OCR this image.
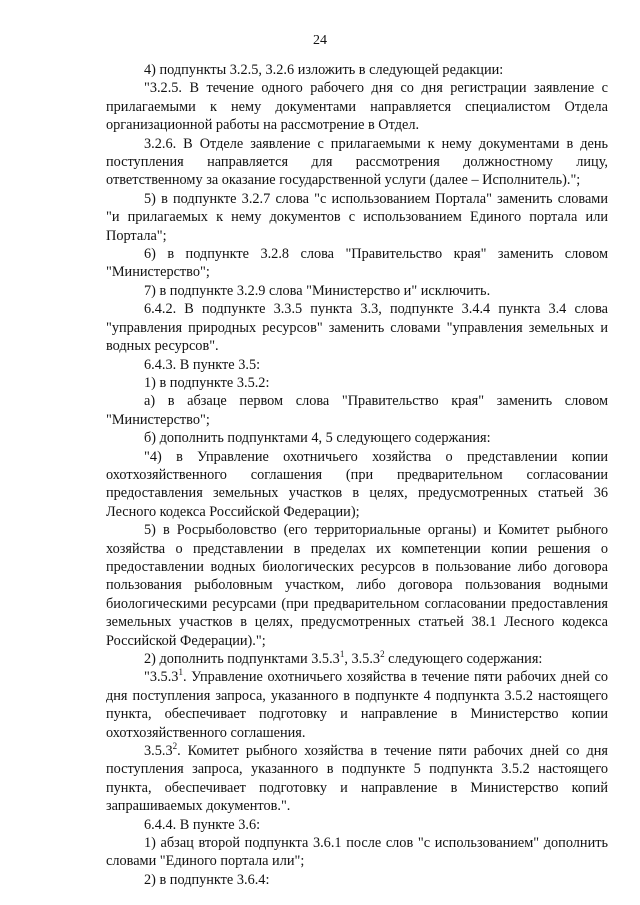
24

4) подпункты 3.2.5, 3.2.6 изложить в следующей редакции:

"3.2.5. В течение одного рабочего дня со дня регистрации заявление с прилагаемыми к нему документами направляется специалистом Отдела организационной работы на рассмотрение в Отдел.

3.2.6. В Отделе заявление с прилагаемыми к нему документами в день поступления направляется для рассмотрения должностному лицу, ответственному за оказание государственной услуги (далее – Исполнитель).";

5) в подпункте 3.2.7 слова "с использованием Портала" заменить словами "и прилагаемых к нему документов с использованием Единого портала или Портала";

6) в подпункте 3.2.8 слова "Правительство края" заменить словом "Министерство";

7) в подпункте 3.2.9 слова "Министерство и" исключить.

6.4.2. В подпункте 3.3.5 пункта 3.3, подпункте 3.4.4 пункта 3.4 слова "управления природных ресурсов" заменить словами "управления земельных и водных ресурсов".

6.4.3. В пункте 3.5:

1) в подпункте 3.5.2:

а) в абзаце первом слова "Правительство края" заменить словом "Министерство";

б) дополнить подпунктами 4, 5 следующего содержания:

"4) в Управление охотничьего хозяйства о представлении копии охотхозяйственного соглашения (при предварительном согласовании предоставления земельных участков в целях, предусмотренных статьей 36 Лесного кодекса Российской Федерации);

5) в Росрыболовство (его территориальные органы) и Комитет рыбного хозяйства о представлении в пределах их компетенции копии решения о предоставлении водных биологических ресурсов в пользование либо договора пользования рыболовным участком, либо договора пользования водными биологическими ресурсами (при предварительном согласовании предоставления земельных участков в целях, предусмотренных статьей 38.1 Лесного кодекса Российской Федерации).";

2) дополнить подпунктами 3.5.3$^1$, 3.5.3$^2$ следующего содержания:

"3.5.3$^1$. Управление охотничьего хозяйства в течение пяти рабочих дней со дня поступления запроса, указанного в подпункте 4 подпункта 3.5.2 настоящего пункта, обеспечивает подготовку и направление в Министерство копии охотхозяйственного соглашения.

3.5.3$^2$. Комитет рыбного хозяйства в течение пяти рабочих дней со дня поступления запроса, указанного в подпункте 5 подпункта 3.5.2 настоящего пункта, обеспечивает подготовку и направление в Министерство копий запрашиваемых документов.".

6.4.4. В пункте 3.6:

1) абзац второй подпункта 3.6.1 после слов "с использованием" дополнить словами "Единого портала или";

2) в подпункте 3.6.4:
